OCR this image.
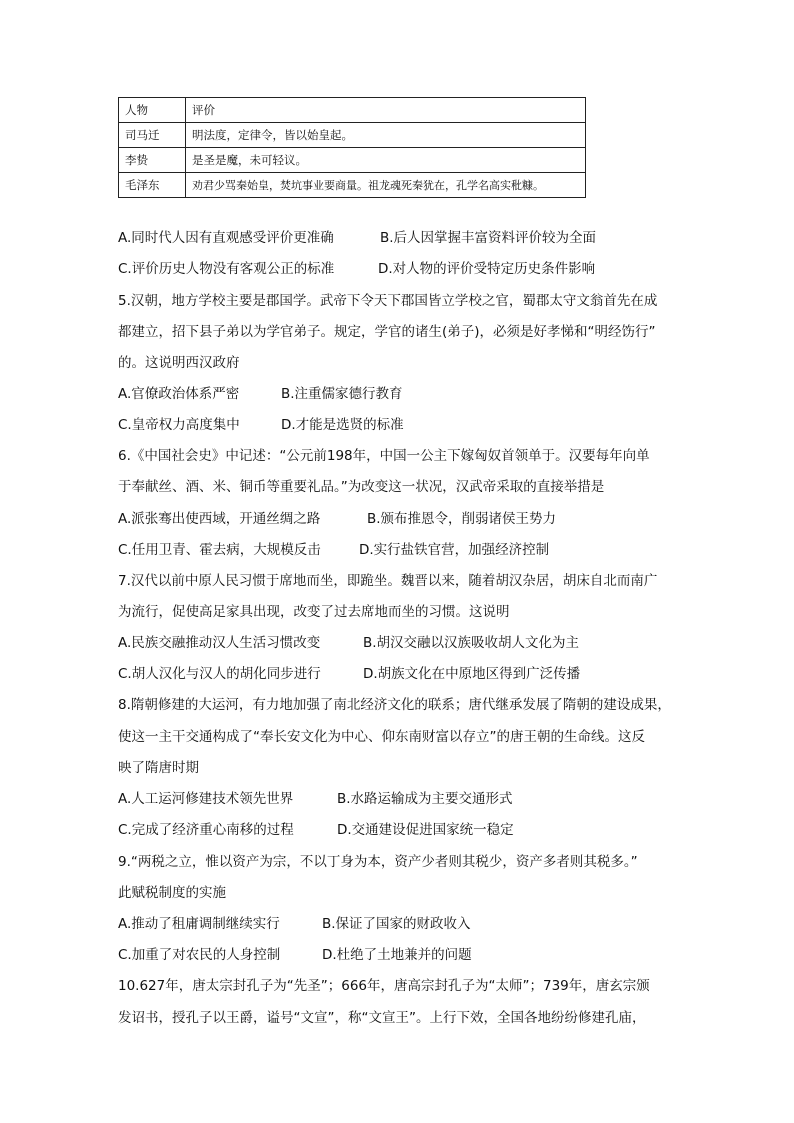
人物	评价
司马迁	明法度，定律令，皆以始皇起。
李贽	是圣是魔，未可轻议。
毛泽东	劝君少骂秦始皇，焚坑事业要商量。祖龙魂死秦犹在，孔学名高实秕糠。
A.同时代人因有直观感受评价更准确	B.后人因掌握丰富资料评价较为全面
C.评价历史人物没有客观公正的标准	D.对人物的评价受特定历史条件影响
5.汉朝，地方学校主要是郡国学。武帝下令天下郡国皆立学校之官，蜀郡太守文翁首先在成
都建立，招下县子弟以为学官弟子。规定，学官的诸生(弟子)，必须是好孝悌和“明经饬行”
的。这说明西汉政府
A.官僚政治体系严密	B.注重儒家德行教育
C.皇帝权力高度集中	D.才能是选贤的标准
6.《中国社会史》中记述：“公元前198年，中国一公主下嫁匈奴首领单于。汉要每年向单
于奉献丝、酒、米、铜币等重要礼品。”为改变这一状况，汉武帝采取的直接举措是
A.派张骞出使西域，开通丝绸之路	B.颁布推恩令，削弱诸侯王势力
C.任用卫青、霍去病，大规模反击	D.实行盐铁官营，加强经济控制
7.汉代以前中原人民习惯于席地而坐，即跪坐。魏晋以来，随着胡汉杂居，胡床自北而南广
为流行，促使高足家具出现，改变了过去席地而坐的习惯。这说明
A.民族交融推动汉人生活习惯改变	B.胡汉交融以汉族吸收胡人文化为主
C.胡人汉化与汉人的胡化同步进行	D.胡族文化在中原地区得到广泛传播
8.隋朝修建的大运河，有力地加强了南北经济文化的联系；唐代继承发展了隋朝的建设成果，
使这一主干交通构成了“奉长安文化为中心、仰东南财富以存立”的唐王朝的生命线。这反
映了隋唐时期
A.人工运河修建技术领先世界	B.水路运输成为主要交通形式
C.完成了经济重心南移的过程	D.交通建设促进国家统一稳定
9.“两税之立，惟以资产为宗，不以丁身为本，资产少者则其税少，资产多者则其税多。”
此赋税制度的实施
A.推动了租庸调制继续实行	B.保证了国家的财政收入
C.加重了对农民的人身控制	D.杜绝了土地兼并的问题
10.627年，唐太宗封孔子为“先圣”；666年，唐高宗封孔子为“太师”；739年，唐玄宗颁
发诏书，授孔子以王爵，谥号“文宣”，称“文宣王”。上行下效，全国各地纷纷修建孔庙，
